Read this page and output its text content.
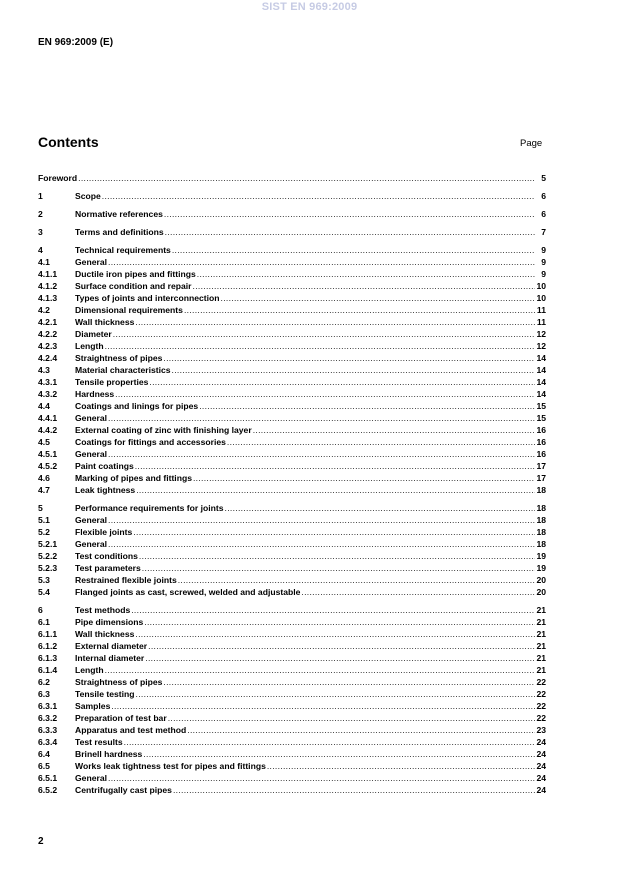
SIST EN 969:2009
EN 969:2009 (E)
Contents	Page
Foreword .....	5
1	Scope .....	6
2	Normative references .....	6
3	Terms and definitions .....	7
4	Technical requirements .....	9
4.1	General .....	9
4.1.1	Ductile iron pipes and fittings .....	9
4.1.2	Surface condition and repair .....	10
4.1.3	Types of joints and interconnection .....	10
4.2	Dimensional requirements .....	11
4.2.1	Wall thickness .....	11
4.2.2	Diameter .....	12
4.2.3	Length .....	12
4.2.4	Straightness of pipes .....	14
4.3	Material characteristics .....	14
4.3.1	Tensile properties .....	14
4.3.2	Hardness .....	14
4.4	Coatings and linings for pipes .....	15
4.4.1	General .....	15
4.4.2	External coating of zinc with finishing layer .....	16
4.5	Coatings for fittings and accessories .....	16
4.5.1	General .....	16
4.5.2	Paint coatings .....	17
4.6	Marking of pipes and fittings .....	17
4.7	Leak tightness .....	18
5	Performance requirements for joints .....	18
5.1	General .....	18
5.2	Flexible joints .....	18
5.2.1	General .....	18
5.2.2	Test conditions .....	19
5.2.3	Test parameters .....	19
5.3	Restrained flexible joints .....	20
5.4	Flanged joints as cast, screwed, welded and adjustable .....	20
6	Test methods .....	21
6.1	Pipe dimensions .....	21
6.1.1	Wall thickness .....	21
6.1.2	External diameter .....	21
6.1.3	Internal diameter .....	21
6.1.4	Length .....	21
6.2	Straightness of pipes .....	22
6.3	Tensile testing .....	22
6.3.1	Samples .....	22
6.3.2	Preparation of test bar .....	22
6.3.3	Apparatus and test method .....	23
6.3.4	Test results .....	24
6.4	Brinell hardness .....	24
6.5	Works leak tightness test for pipes and fittings .....	24
6.5.1	General .....	24
6.5.2	Centrifugally cast pipes .....	24
2
